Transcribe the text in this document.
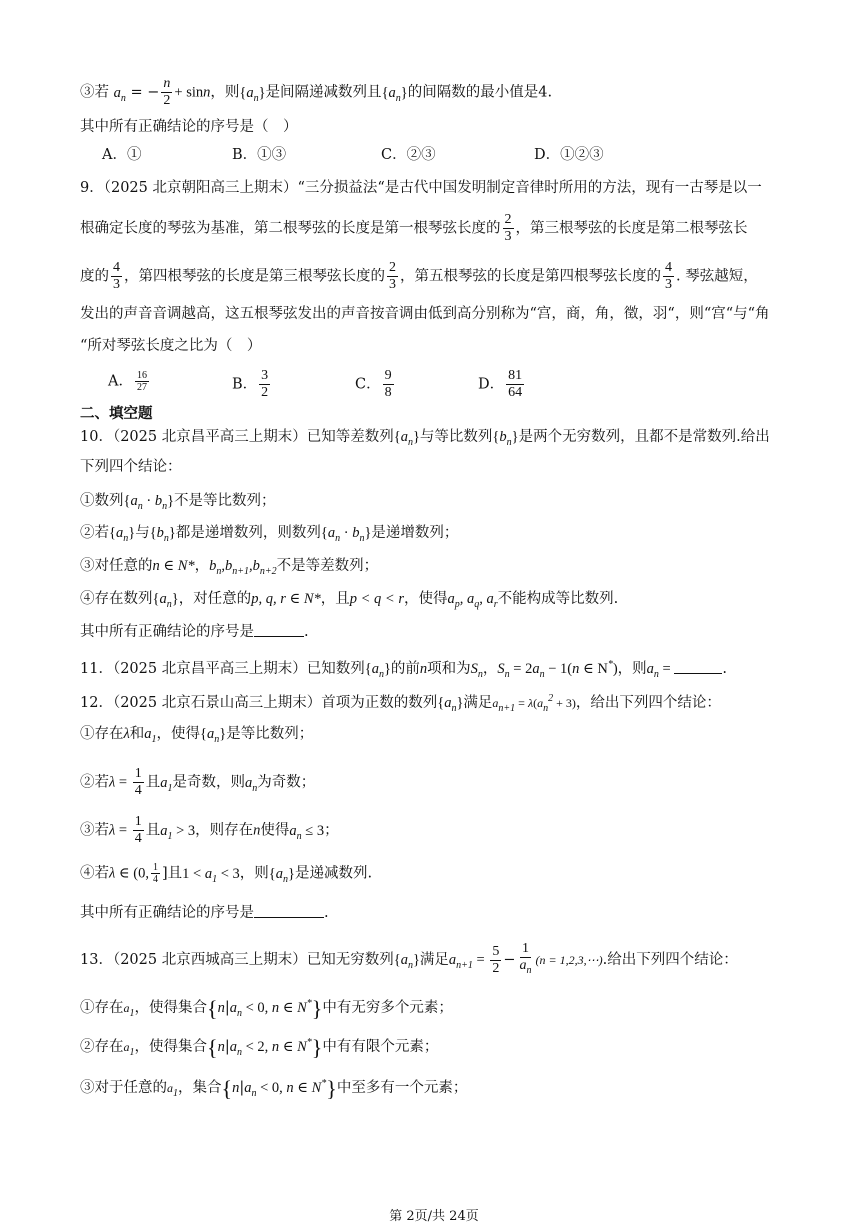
③若 $a_n$ = − $\frac{n}{2} + \sin n$，则$\{a_n\}$是间隔递减数列且$\{a_n\}$的间隔数的最小值是4.
其中所有正确结论的序号是（　）
A．①	B．①③	C．②③	D．①②③
9．（2025 北京朝阳高三上期末）“三分损益法“是古代中国发明制定音律时所用的方法，现有一古琴是以一
根确定长度的琴弦为基准，第二根琴弦的长度是第一根琴弦长度的 $\frac{2}{3}$ ，第三根琴弦的长度是第二根琴弦长
度的 $\frac{4}{3}$ ，第四根琴弦的长度是第三根琴弦长度的 $\frac{2}{3}$ ，第五根琴弦的长度是第四根琴弦长度的 $\frac{4}{3}$ . 琴弦越短，
发出的声音音调越高，这五根琴弦发出的声音按音调由低到高分别称为“宫，商，角，徵，羽“，则“宫“与“角
“所对琴弦长度之比为（　）
A． $\frac{16}{27}$	B． $\frac{3}{2}$	C． $\frac{9}{8}$	D． $\frac{81}{64}$
二、填空题
10．（2025 北京昌平高三上期末）已知等差数列$\{a_n\}$与等比数列$\{b_n\}$是两个无穷数列，且都不是常数列.给出
下列四个结论：
①数列$\{a_n \cdot b_n\}$不是等比数列；
②若$\{a_n\}$与$\{b_n\}$都是递增数列，则数列$\{a_n \cdot b_n\}$是递增数列；
③对任意的n ∈ N*，$b_n,b_{n+1},b_{n+2}$不是等差数列；
④存在数列$\{a_n\}$，对任意的p, q, r ∈ N*，且p < q < r，使得$a_p$, $a_q$, $a_r$不能构成等比数列.
其中所有正确结论的序号是	.
11．（2025 北京昌平高三上期末）已知数列$\{a_n\}$的前n项和为$S_n$，$S_n = 2a_n - 1(n$ ∈ N*)，则$a_n$ =	.
12．（2025 北京石景山高三上期末）首项为正数的数列$\{a_n\}$满足$a_{n+1} = \lambda(a_n^2 + 3)$，给出下列四个结论：
①存在λ和$a_1$，使得$\{a_n\}$是等比数列；
②若$\lambda = \frac{1}{4}$ 且$a_1$是奇数，则$a_n$为奇数；
③若$\lambda = \frac{1}{4}$ 且$a_1 > 3$，则存在n使得$a_n \le 3$；
④若λ ∈ (0, $\frac{1}{4}$ ]且$1 < a_1 < 3$，则$\{a_n\}$是递减数列.
其中所有正确结论的序号是	.
13．（2025 北京西城高三上期末）已知无穷数列$\{a_n\}$满足$a_{n+1} = \frac{5}{2} - \frac{1}{a_n} (n$ = 1,2,3,⋯).给出下列四个结论：
①存在$a_1$，使得集合{$n|a_n < 0$, n ∈ N*}中有无穷多个元素；
②存在$a_1$，使得集合{$n|a_n < 2$, n ∈ N*}中有有限个元素；
③对于任意的$a_1$，集合{$n|a_n < 0$, n ∈ N*}中至多有一个元素；
第 2页/共 24页
